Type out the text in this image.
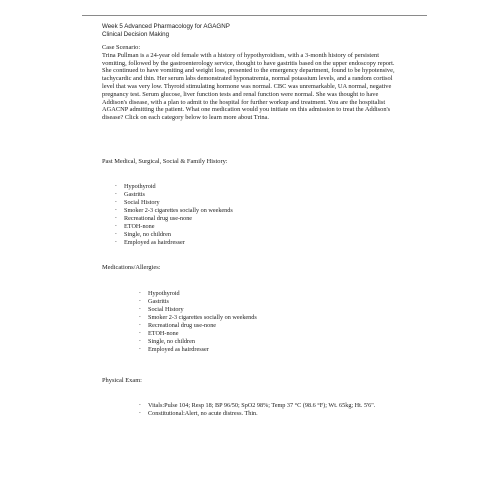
Week 5 Advanced Pharmacology for AGAGNP
Clinical Decision Making
Case Scenario:
Trina Pullman is a 24-year old female with a history of hypothyroidism, with a 3-month history of persistent vomiting, followed by the gastroenterology service, thought to have gastritis based on the upper endoscopy report. She continued to have vomiting and weight loss, presented to the emergency department, found to be hypotensive, tachycardic and thin. Her serum labs demonstrated hyponatremia, normal potassium levels, and a random cortisol level that was very low. Thyroid stimulating hormone was normal. CBC was unremarkable, UA normal, negative pregnancy test. Serum glucose, liver function tests and renal function were normal. She was thought to have Addison's disease, with a plan to admit to the hospital for further workup and treatment. You are the hospitalist AGACNP admitting the patient. What one medication would you initiate on this admission to treat the Addison's disease? Click on each category below to learn more about Trina.
Past Medical, Surgical, Social & Family History:
- Hypothyroid
- Gastritis
- Social History
- Smoker 2-3 cigarettes socially on weekends
- Recreational drug use-none
- ETOH-none
- Single, no children
- Employed as hairdresser
Medications/Allergies:
- Hypothyroid
- Gastritis
- Social History
- Smoker 2-3 cigarettes socially on weekends
- Recreational drug use-none
- ETOH-none
- Single, no children
- Employed as hairdresser
Physical Exam:
- Vitals:Pulse 104; Resp 18; BP 96/50; SpO2 98%; Temp 37 °C (98.6 °F); Wt. 65kg; Ht. 5'6".
- Constitutional:Alert, no acute distress. Thin.
